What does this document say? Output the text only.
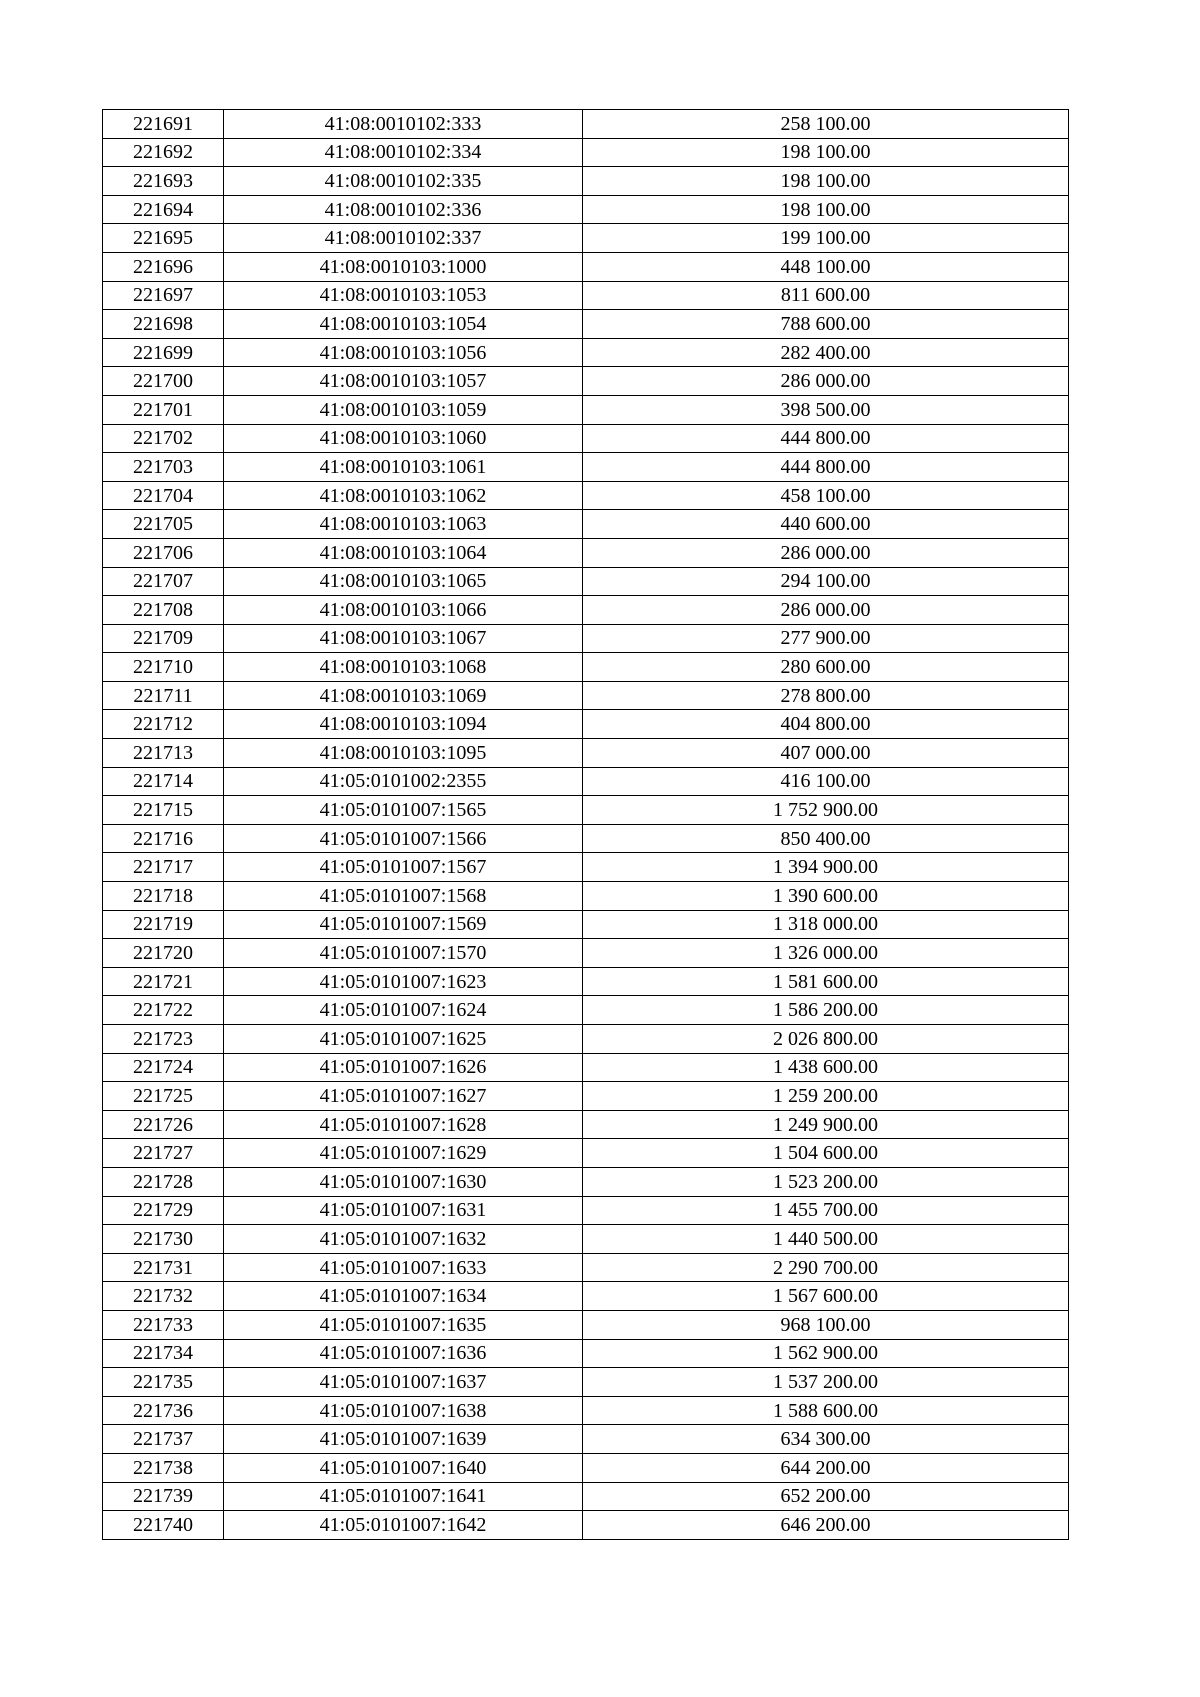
221691	41:08:0010102:333	258 100.00
221692	41:08:0010102:334	198 100.00
221693	41:08:0010102:335	198 100.00
221694	41:08:0010102:336	198 100.00
221695	41:08:0010102:337	199 100.00
221696	41:08:0010103:1000	448 100.00
221697	41:08:0010103:1053	811 600.00
221698	41:08:0010103:1054	788 600.00
221699	41:08:0010103:1056	282 400.00
221700	41:08:0010103:1057	286 000.00
221701	41:08:0010103:1059	398 500.00
221702	41:08:0010103:1060	444 800.00
221703	41:08:0010103:1061	444 800.00
221704	41:08:0010103:1062	458 100.00
221705	41:08:0010103:1063	440 600.00
221706	41:08:0010103:1064	286 000.00
221707	41:08:0010103:1065	294 100.00
221708	41:08:0010103:1066	286 000.00
221709	41:08:0010103:1067	277 900.00
221710	41:08:0010103:1068	280 600.00
221711	41:08:0010103:1069	278 800.00
221712	41:08:0010103:1094	404 800.00
221713	41:08:0010103:1095	407 000.00
221714	41:05:0101002:2355	416 100.00
221715	41:05:0101007:1565	1 752 900.00
221716	41:05:0101007:1566	850 400.00
221717	41:05:0101007:1567	1 394 900.00
221718	41:05:0101007:1568	1 390 600.00
221719	41:05:0101007:1569	1 318 000.00
221720	41:05:0101007:1570	1 326 000.00
221721	41:05:0101007:1623	1 581 600.00
221722	41:05:0101007:1624	1 586 200.00
221723	41:05:0101007:1625	2 026 800.00
221724	41:05:0101007:1626	1 438 600.00
221725	41:05:0101007:1627	1 259 200.00
221726	41:05:0101007:1628	1 249 900.00
221727	41:05:0101007:1629	1 504 600.00
221728	41:05:0101007:1630	1 523 200.00
221729	41:05:0101007:1631	1 455 700.00
221730	41:05:0101007:1632	1 440 500.00
221731	41:05:0101007:1633	2 290 700.00
221732	41:05:0101007:1634	1 567 600.00
221733	41:05:0101007:1635	968 100.00
221734	41:05:0101007:1636	1 562 900.00
221735	41:05:0101007:1637	1 537 200.00
221736	41:05:0101007:1638	1 588 600.00
221737	41:05:0101007:1639	634 300.00
221738	41:05:0101007:1640	644 200.00
221739	41:05:0101007:1641	652 200.00
221740	41:05:0101007:1642	646 200.00
